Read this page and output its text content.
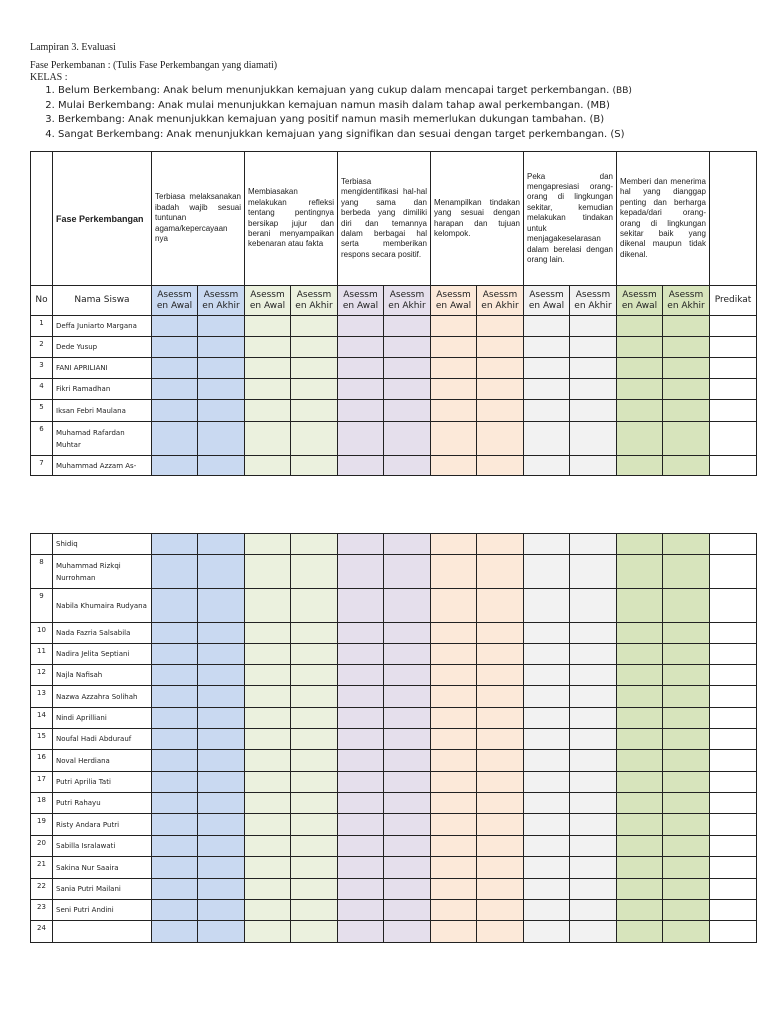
Lampiran 3. Evaluasi
Fase Perkembanan : (Tulis Fase Perkembangan yang diamati)
KELAS :
1. Belum Berkembang: Anak belum menunjukkan kemajuan yang cukup dalam mencapai target perkembangan. (BB)
2. Mulai Berkembang: Anak mulai menunjukkan kemajuan namun masih dalam tahap awal perkembangan. (MB)
3. Berkembang: Anak menunjukkan kemajuan yang positif namun masih memerlukan dukungan tambahan. (B)
4. Sangat Berkembang: Anak menunjukkan kemajuan yang signifikan dan sesuai dengan target perkembangan. (S)
	Fase Perkembangan	Terbiasa melaksanakan ibadah wajib sesuai tuntunan agama/kepercayaan nya		Membiasakan melakukan refleksi tentang pentingnya bersikap jujur dan berani menyampaikan kebenaran atau fakta		Terbiasa mengidentifikasi hal-hal yang sama dan berbeda yang dimiliki diri dan temannya dalam berbagai hal serta memberikan respons secara positif.		Menampilkan tindakan yang sesuai dengan harapan dan tujuan kelompok.		Peka dan mengapresiasi orang-orang di lingkungan sekitar, kemudian melakukan tindakan untuk menjagakeselarasan dalam berelasi dengan orang lain.		Memberi dan menerima hal yang dianggap penting dan berharga kepada/dari orang-orang di lingkungan sekitar baik yang dikenal maupun tidak dikenal.		
No	Nama Siswa	Asessm en Awal	Asessm en Akhir	Asessm en Awal	Asessm en Akhir	Asessm en Awal	Asessm en Akhir	Asessm en Awal	Asessm en Akhir	Asessm en Awal	Asessm en Akhir	Asessm en Awal	Asessm en Akhir	Predikat
1	Deffa Juniarto Margana													
2	Dede Yusup													
3	FANI APRILIANI													
4	Fikri Ramadhan													
5	Iksan Febri Maulana													
6	Muhamad Rafardan Muhtar													
7	Muhammad Azzam As-													
	Shidiq													
8	Muhammad Rizkqi Nurrohman													
9	Nabila Khumaira Rudyana													
10	Nada Fazria Salsabila													
11	Nadira Jelita Septiani													
12	Najla Nafisah													
13	Nazwa Azzahra Solihah													
14	Nindi Aprilliani													
15	Noufal Hadi Abdurauf													
16	Noval Herdiana													
17	Putri Aprilia Tati													
18	Putri Rahayu													
19	Risty Andara Putri													
20	Sabilla Isralawati													
21	Sakina Nur Saaira													
22	Sania Putri Mailani													
23	Seni Putri Andini													
24														
